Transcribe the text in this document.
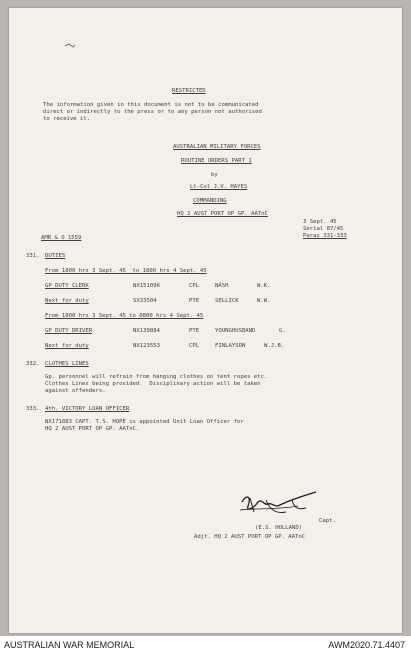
RESTRICTED
The information given in this document is not to be communicated
direct or indirectly to the press or to any person not authorised
to receive it.
AUSTRALIAN MILITARY FORCES
ROUTINE ORDERS PART 1
by
Lt-Col J.V. HAYES
COMMANDING
HQ 2 AUST PORT OP GP. AATnC
3 Sept. 45
Serial 87/45
Paras 331-333
AMR & O 1559
331. DUTIES
From 1800 hrs 3 Sept. 45  to 1800 hrs 4 Sept. 45
GP DUTY CLERK	NX151096	CPL	NASH	W.K.
Next for duty	SX33504	PTE	SELLICK	W.W.
From 1800 hrs 3 Sept. 45 to 0800 hrs 4 Sept. 45
GP DUTY DRIVER	NX139884	PTE	YOUNGHUSBAND	G.
Next for duty	NX123553	CPL	FINLAYSON	W.J.B.
332. CLOTHES LINES
Gp. personnel will refrain from hanging clothes on tent ropes etc.
Clothes Lines being provided.  Disciplinary action will be taken
against offenders.
333. 4th. VICTORY LOAN OFFICER
NX171883 CAPT. T.S. HOPE is appointed Unit Loan Officer for
HQ 2 AUST PORT OP GP. AATnC.
Capt.
(E.S. HOLLAND)
Adjt. HQ 2 AUST PORT OP GP. AATnC
AUSTRALIAN WAR MEMORIAL	AWM2020.71.4407
